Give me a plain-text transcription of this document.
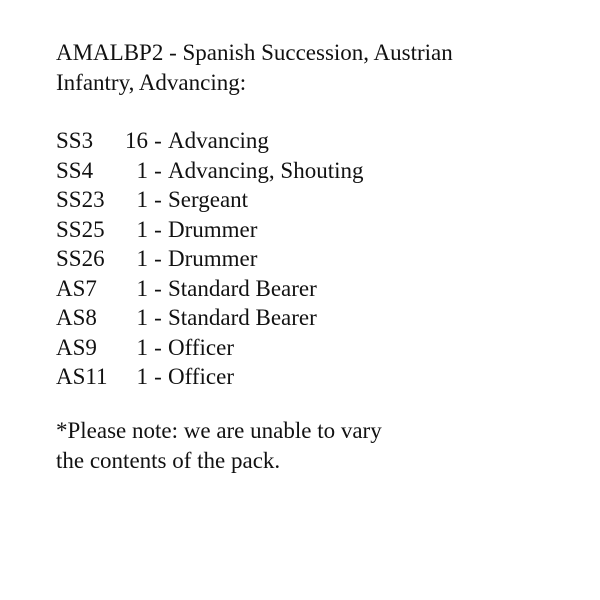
AMALBP2 - Spanish Succession, Austrian
Infantry, Advancing:
SS3 16 - Advancing
SS4 1 - Advancing, Shouting
SS23 1 - Sergeant
SS25 1 - Drummer
SS26 1 - Drummer
AS7 1 - Standard Bearer
AS8 1 - Standard Bearer
AS9 1 - Officer
AS11 1 - Officer
*Please note: we are unable to vary
the contents of the pack.
